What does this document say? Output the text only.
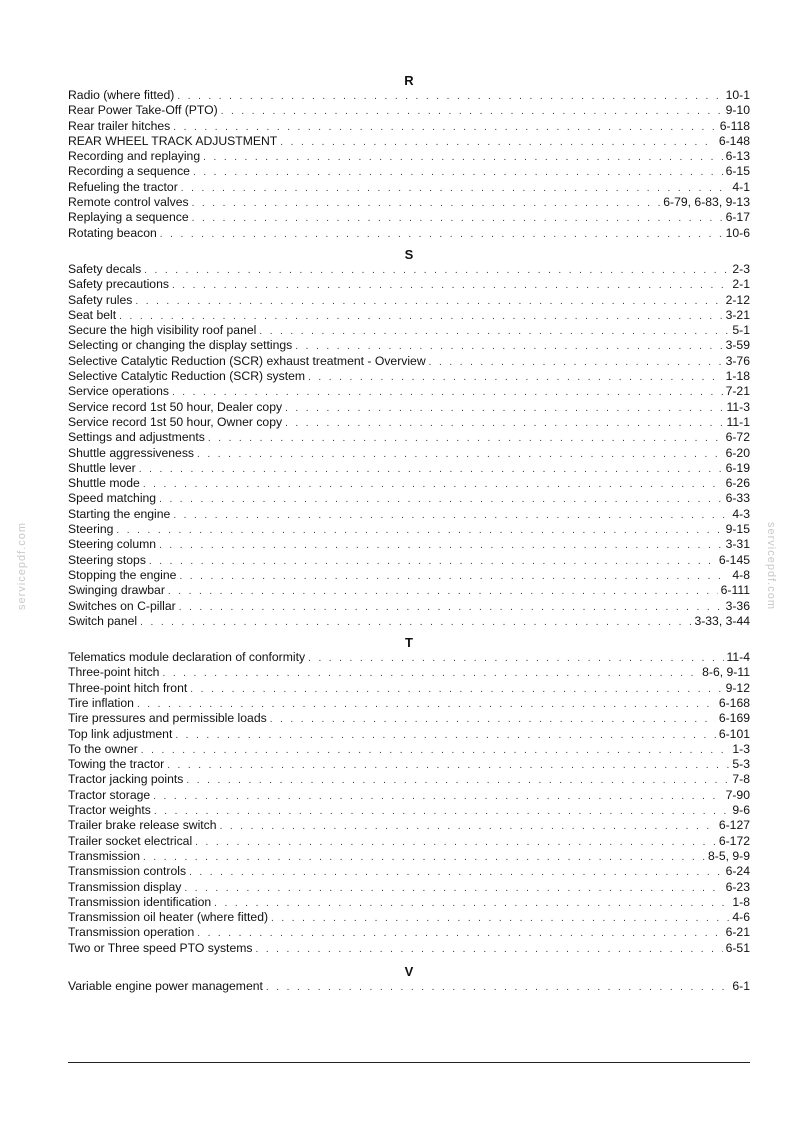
R
Radio (where fitted) . . .	10-1
Rear Power Take-Off (PTO) . . .	9-10
Rear trailer hitches . . .	6-118
REAR WHEEL TRACK ADJUSTMENT . . .	6-148
Recording and replaying . . .	6-13
Recording a sequence . . .	6-15
Refueling the tractor . . .	4-1
Remote control valves . . .	6-79, 6-83, 9-13
Replaying a sequence . . .	6-17
Rotating beacon . . .	10-6
S
Safety decals . . .	2-3
Safety precautions . . .	2-1
Safety rules . . .	2-12
Seat belt . . .	3-21
Secure the high visibility roof panel . . .	5-1
Selecting or changing the display settings . . .	3-59
Selective Catalytic Reduction (SCR) exhaust treatment - Overview . . .	3-76
Selective Catalytic Reduction (SCR) system . . .	1-18
Service operations . . .	7-21
Service record 1st 50 hour, Dealer copy . . .	11-3
Service record 1st 50 hour, Owner copy . . .	11-1
Settings and adjustments . . .	6-72
Shuttle aggressiveness . . .	6-20
Shuttle lever . . .	6-19
Shuttle mode . . .	6-26
Speed matching . . .	6-33
Starting the engine . . .	4-3
Steering . . .	9-15
Steering column . . .	3-31
Steering stops . . .	6-145
Stopping the engine . . .	4-8
Swinging drawbar . . .	6-111
Switches on C-pillar . . .	3-36
Switch panel . . .	3-33, 3-44
T
Telematics module declaration of conformity . . .	11-4
Three-point hitch . . .	8-6, 9-11
Three-point hitch front . . .	9-12
Tire inflation . . .	6-168
Tire pressures and permissible loads . . .	6-169
Top link adjustment . . .	6-101
To the owner . . .	1-3
Towing the tractor . . .	5-3
Tractor jacking points . . .	7-8
Tractor storage . . .	7-90
Tractor weights . . .	9-6
Trailer brake release switch . . .	6-127
Trailer socket electrical . . .	6-172
Transmission . . .	8-5, 9-9
Transmission controls . . .	6-24
Transmission display . . .	6-23
Transmission identification . . .	1-8
Transmission oil heater (where fitted) . . .	4-6
Transmission operation . . .	6-21
Two or Three speed PTO systems . . .	6-51
V
Variable engine power management . . .	6-1
servicepdf.com	servicepdf.com
